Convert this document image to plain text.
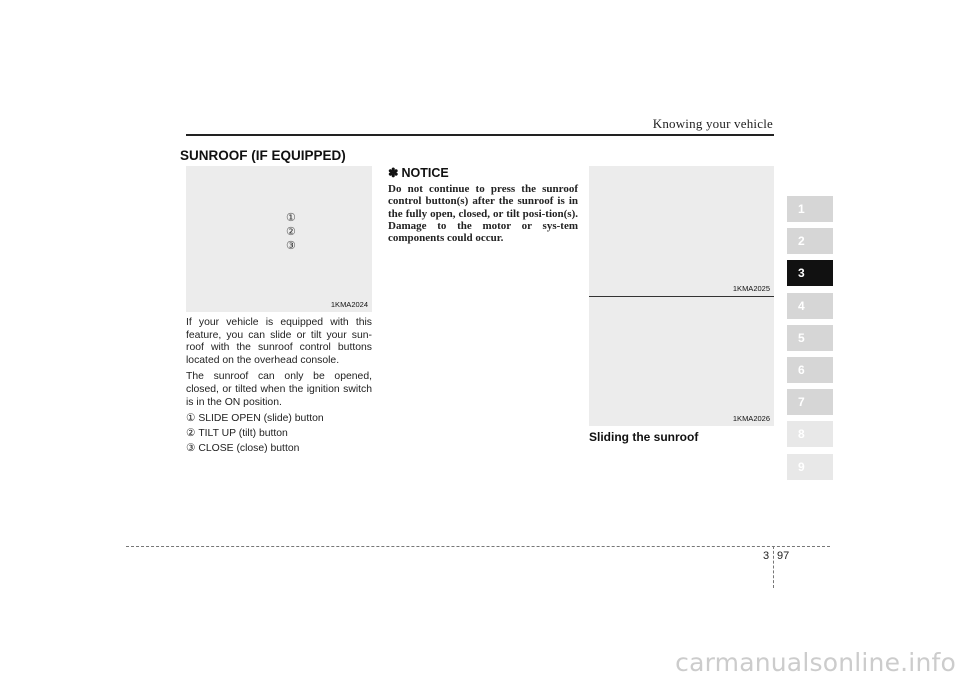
Knowing your vehicle
SUNROOF (IF EQUIPPED)
①
②
③
1KMA2024

If your vehicle is equipped with this feature, you can slide or tilt your sun-roof with the sunroof control buttons located on the overhead console.

The sunroof can only be opened, closed, or tilted when the ignition switch is in the ON position.

① SLIDE OPEN (slide) button
② TILT UP (tilt) button
③ CLOSE (close) button
✽ NOTICE
Do not continue to press the sunroof control button(s) after the sunroof is in the fully open, closed, or tilt posi-tion(s). Damage to the motor or sys-tem components could occur.
1KMA2025
1KMA2026
Sliding the sunroof
1
2
3
4
5
6
7
8
9
3 97
carmanualsonline.info
